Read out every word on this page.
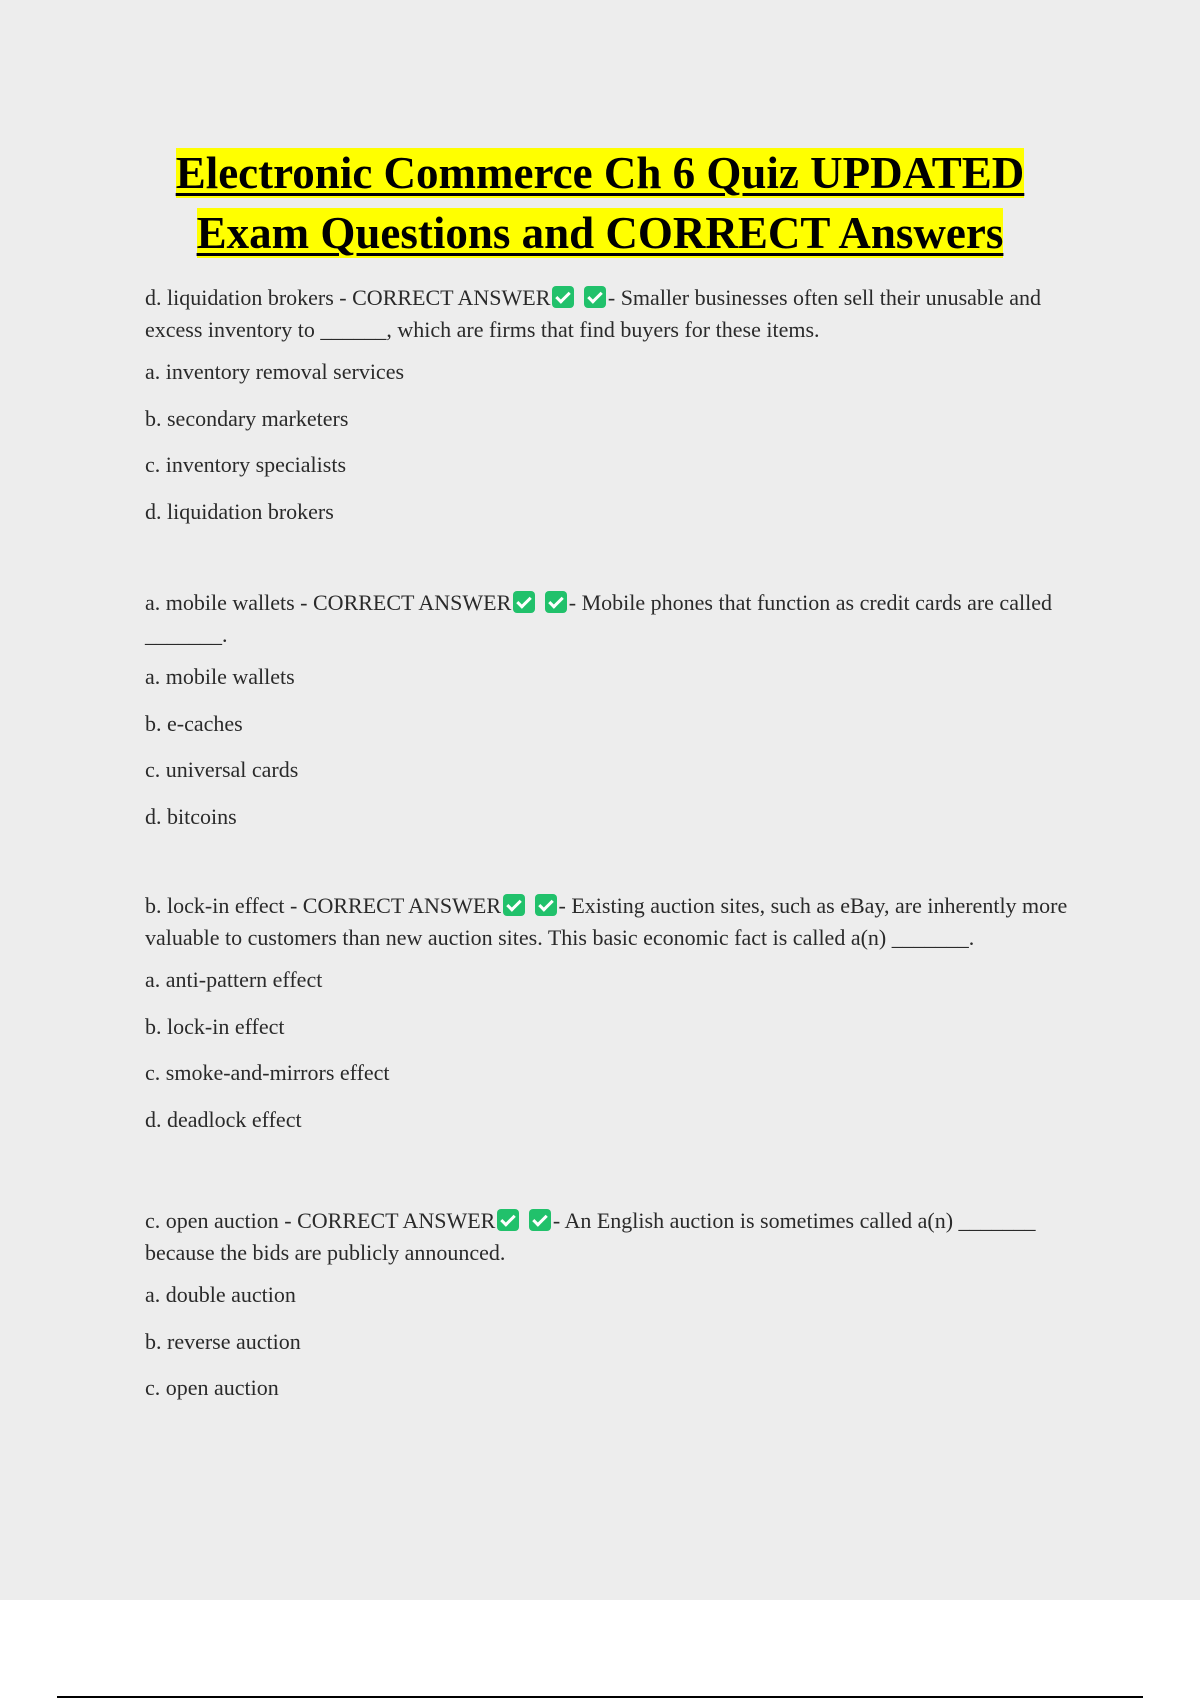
Electronic Commerce Ch 6 Quiz UPDATED
Exam Questions and CORRECT Answers

d. liquidation brokers - CORRECT ANSWER	- Smaller businesses often sell their unusable and excess inventory to ______, which are firms that find buyers for these items.

a. inventory removal services

b. secondary marketers

c. inventory specialists

d. liquidation brokers

a. mobile wallets - CORRECT ANSWER	- Mobile phones that function as credit cards are called _______.

a. mobile wallets

b. e-caches

c. universal cards

d. bitcoins

b. lock-in effect - CORRECT ANSWER	- Existing auction sites, such as eBay, are inherently more valuable to customers than new auction sites. This basic economic fact is called a(n) _______.

a. anti-pattern effect

b. lock-in effect

c. smoke-and-mirrors effect

d. deadlock effect

c. open auction - CORRECT ANSWER	- An English auction is sometimes called a(n) _______ because the bids are publicly announced.

a. double auction

b. reverse auction

c. open auction
